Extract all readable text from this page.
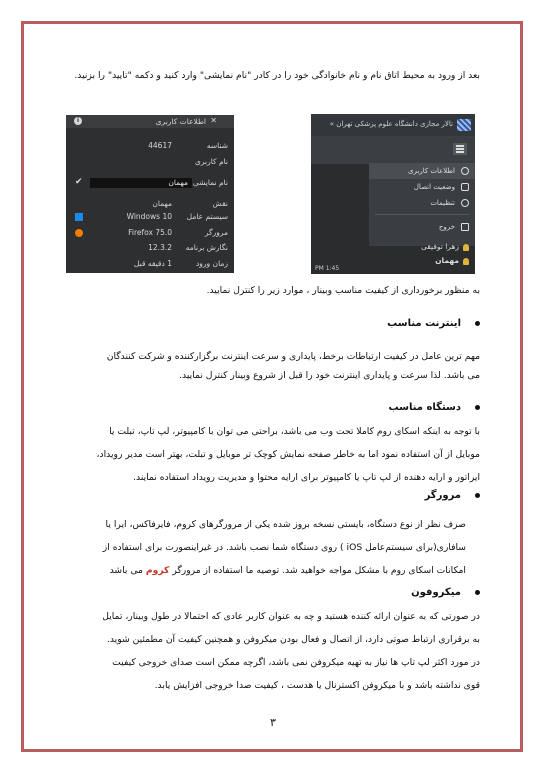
بعد از ورود به محیط اتاق نام و نام خانوادگی خود را در کادر "نام نمایشی" وارد کنید و دکمه "تایید" را بزنید.
اطلاعات کاربری ✕
i
شناسه
44617
نام کاربری
نام نمایشی
مهمان
✔
نقش
مهمان
سیستم عامل
Windows 10
مرورگر
Firefox 75.0
نگارش برنامه
12.3.2
زمان ورود
1 دقیقه قبل
تالار مجازی دانشگاه علوم پزشکی تهران »
اطلاعات کاربری
وضعیت اتصال
تنظیمات
خروج
زهرا توفیقی
مهمان
1:45 PM
به منظور برخورداری از کیفیت مناسب وبینار ، موارد زیر را کنترل نمایید.
اینترنت مناسب
مهم ترین عامل در کیفیت ارتباطات برخط، پایداری و سرعت اینترنت برگزارکننده و شرکت کنندگان
می باشد. لذا سرعت و پایداری اینترنت خود را قبل از شروع وبینار کنترل نمایید.
دستگاه مناسب
با توجه به اینکه اسکای روم کاملا تحت وب می باشد، براحتی می توان با کامپیوتر، لپ تاپ، تبلت یا
موبایل از آن استفاده نمود اما به خاطر صفحه نمایش کوچک تر موبایل و تبلت، بهتر است مدیر رویداد،
ایراتور و ارایه دهنده از لپ تاپ یا کامپیوتر برای ارایه محتوا و مدیریت رویداد استفاده نمایند.
مرورگر
صرف نظر از نوع دستگاه، بایستی نسخه بروز شده یکی از مرورگرهای کروم، فایرفاکس، ایرا یا
سافاری(برای سیستم‌عامل iOS ) روی دستگاه شما نصب باشد. در غیراینصورت برای استفاده از
امکانات اسکای روم با مشکل مواجه خواهید شد. توصیه ما استفاده از مرورگر کروم می باشد
میکروفون
در صورتی که به عنوان ارائه کننده هستید و چه به عنوان کاربر عادی که احتمالا در طول وبینار، تمایل
به برقراری ارتباط صوتی دارد، از اتصال و فعال بودن میکروفن و همچنین کیفیت آن مطمئین شوید.
در مورد اکثر لپ تاپ ها نیاز به تهیه میکروفن نمی باشد، اگرچه ممکن است صدای خروجی کیفیت
قوی نداشته باشد و با میکروفن اکسترنال یا هدست ، کیفیت صدا خروجی افزایش یابد.
۳
